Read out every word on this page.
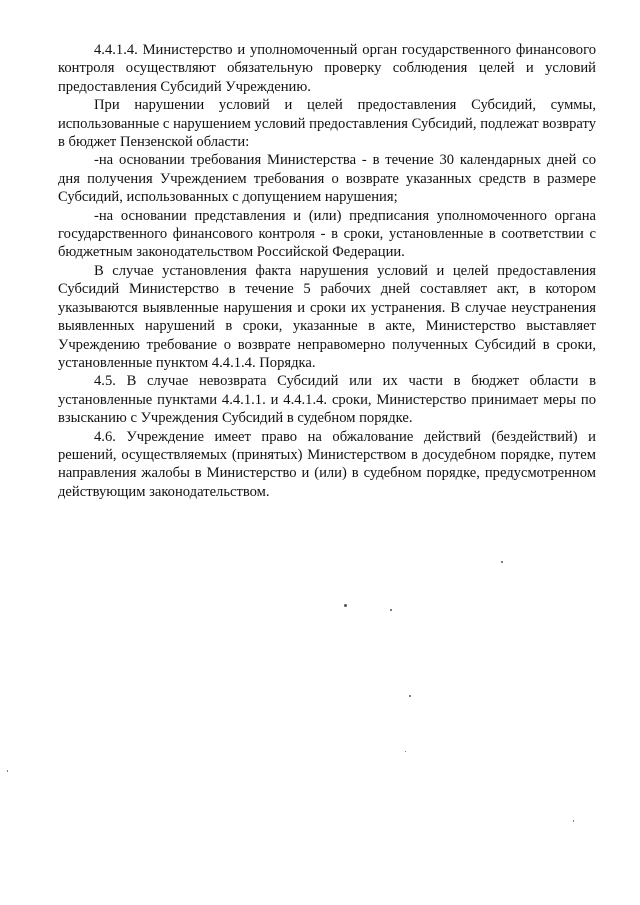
4.4.1.4. Министерство и уполномоченный орган государственного финансового контроля осуществляют обязательную проверку соблюдения целей и условий предоставления Субсидий Учреждению.

При нарушении условий и целей предоставления Субсидий, суммы, использованные с нарушением условий предоставления Субсидий, подлежат возврату в бюджет Пензенской области:

-на основании требования Министерства - в течение 30 календарных дней со дня получения Учреждением требования о возврате указанных средств в размере Субсидий, использованных с допущением нарушения;

-на основании представления и (или) предписания уполномоченного органа государственного финансового контроля - в сроки, установленные в соответствии с бюджетным законодательством Российской Федерации.

В случае установления факта нарушения условий и целей предоставления Субсидий Министерство в течение 5 рабочих дней составляет акт, в котором указываются выявленные нарушения и сроки их устранения. В случае неустранения выявленных нарушений в сроки, указанные в акте, Министерство выставляет Учреждению требование о возврате неправомерно полученных Субсидий в сроки, установленные пунктом 4.4.1.4. Порядка.

4.5. В случае невозврата Субсидий или их части в бюджет области в установленные пунктами 4.4.1.1. и 4.4.1.4. сроки, Министерство принимает меры по взысканию с Учреждения Субсидий в судебном порядке.

4.6. Учреждение имеет право на обжалование действий (бездействий) и решений, осуществляемых (принятых) Министерством в досудебном порядке, путем направления жалобы в Министерство и (или) в судебном порядке, предусмотренном действующим законодательством.
